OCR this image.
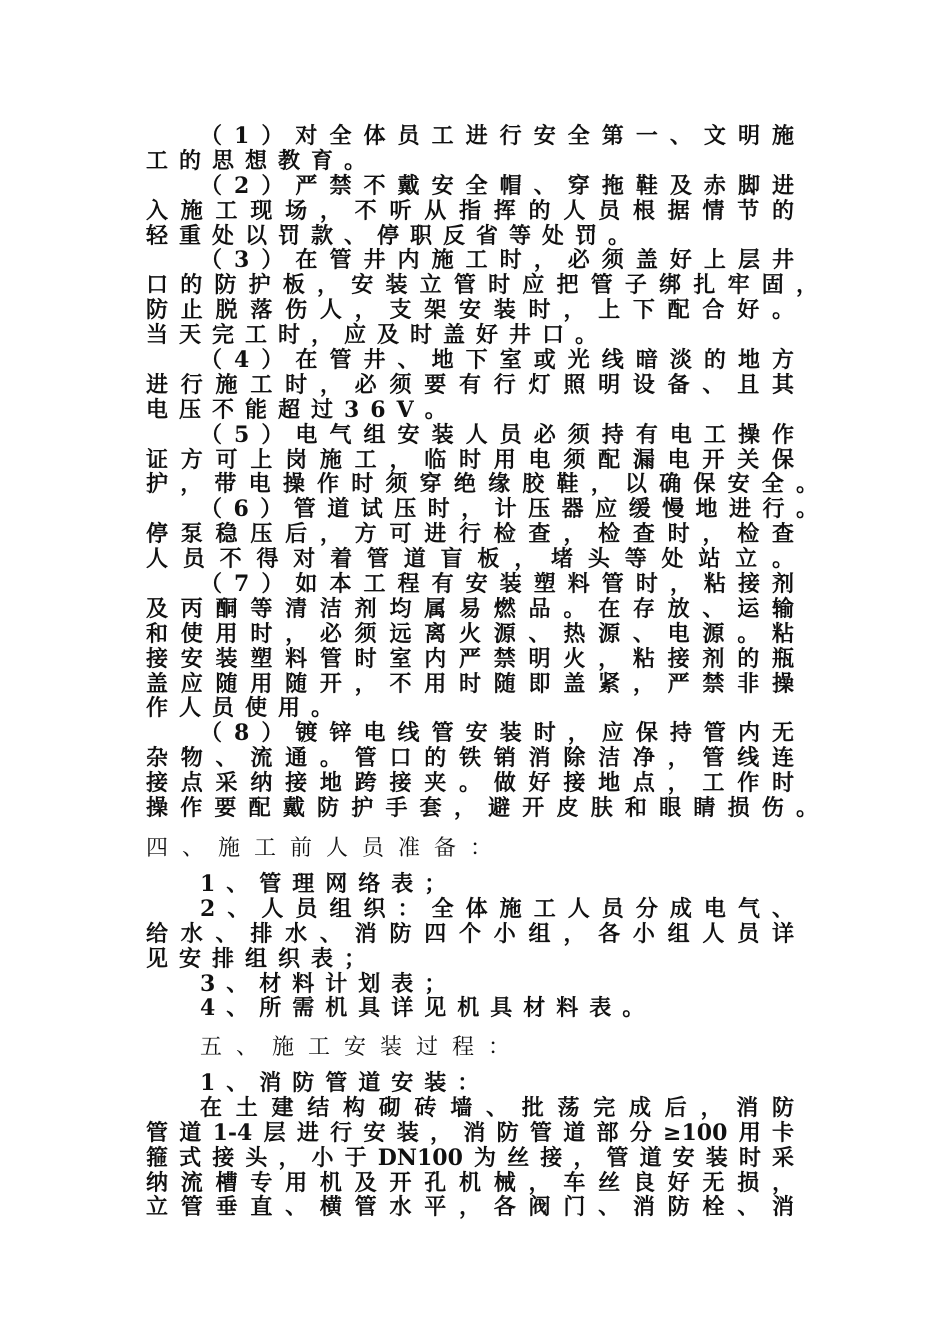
（1）对全体员工进行安全第一、文明施
工的思想教育。
（2）严禁不戴安全帽、穿拖鞋及赤脚进
入施工现场，不听从指挥的人员根据情节的
轻重处以罚款、停职反省等处罚。
（3）在管井内施工时，必须盖好上层井
口的防护板，安装立管时应把管子绑扎牢固，
防止脱落伤人，支架安装时，上下配合好。
当天完工时，应及时盖好井口。
（4）在管井、地下室或光线暗淡的地方
进行施工时，必须要有行灯照明设备、且其
电压不能超过36V。
（5）电气组安装人员必须持有电工操作
证方可上岗施工，临时用电须配漏电开关保
护，带电操作时须穿绝缘胶鞋，以确保安全。
（6）管道试压时，计压器应缓慢地进行。
停泵稳压后，方可进行检查，检查时，检查
人员不得对着管道盲板，堵头等处站立。
（7）如本工程有安装塑料管时，粘接剂
及丙酮等清洁剂均属易燃品。在存放、运输
和使用时，必须远离火源、热源、电源。粘
接安装塑料管时室内严禁明火，粘接剂的瓶
盖应随用随开，不用时随即盖紧，严禁非操
作人员使用。
（8）镀锌电线管安装时，应保持管内无
杂物、流通。管口的铁销消除洁净，管线连
接点采纳接地跨接夹。做好接地点，工作时
操作要配戴防护手套，避开皮肤和眼睛损伤。
四、施工前人员准备：
1、管理网络表；
2、人员组织：全体施工人员分成电气、
给水、排水、消防四个小组，各小组人员详
见安排组织表；
3、材料计划表；
4、所需机具详见机具材料表。
五、施工安装过程：
1、消防管道安装：
在土建结构砌砖墙、批荡完成后，消防
管道1-4层进行安装，消防管道部分≥100用卡
箍式接头，小于DN100为丝接，管道安装时采
纳流槽专用机及开孔机械，车丝良好无损，
立管垂直、横管水平，各阀门、消防栓、消
